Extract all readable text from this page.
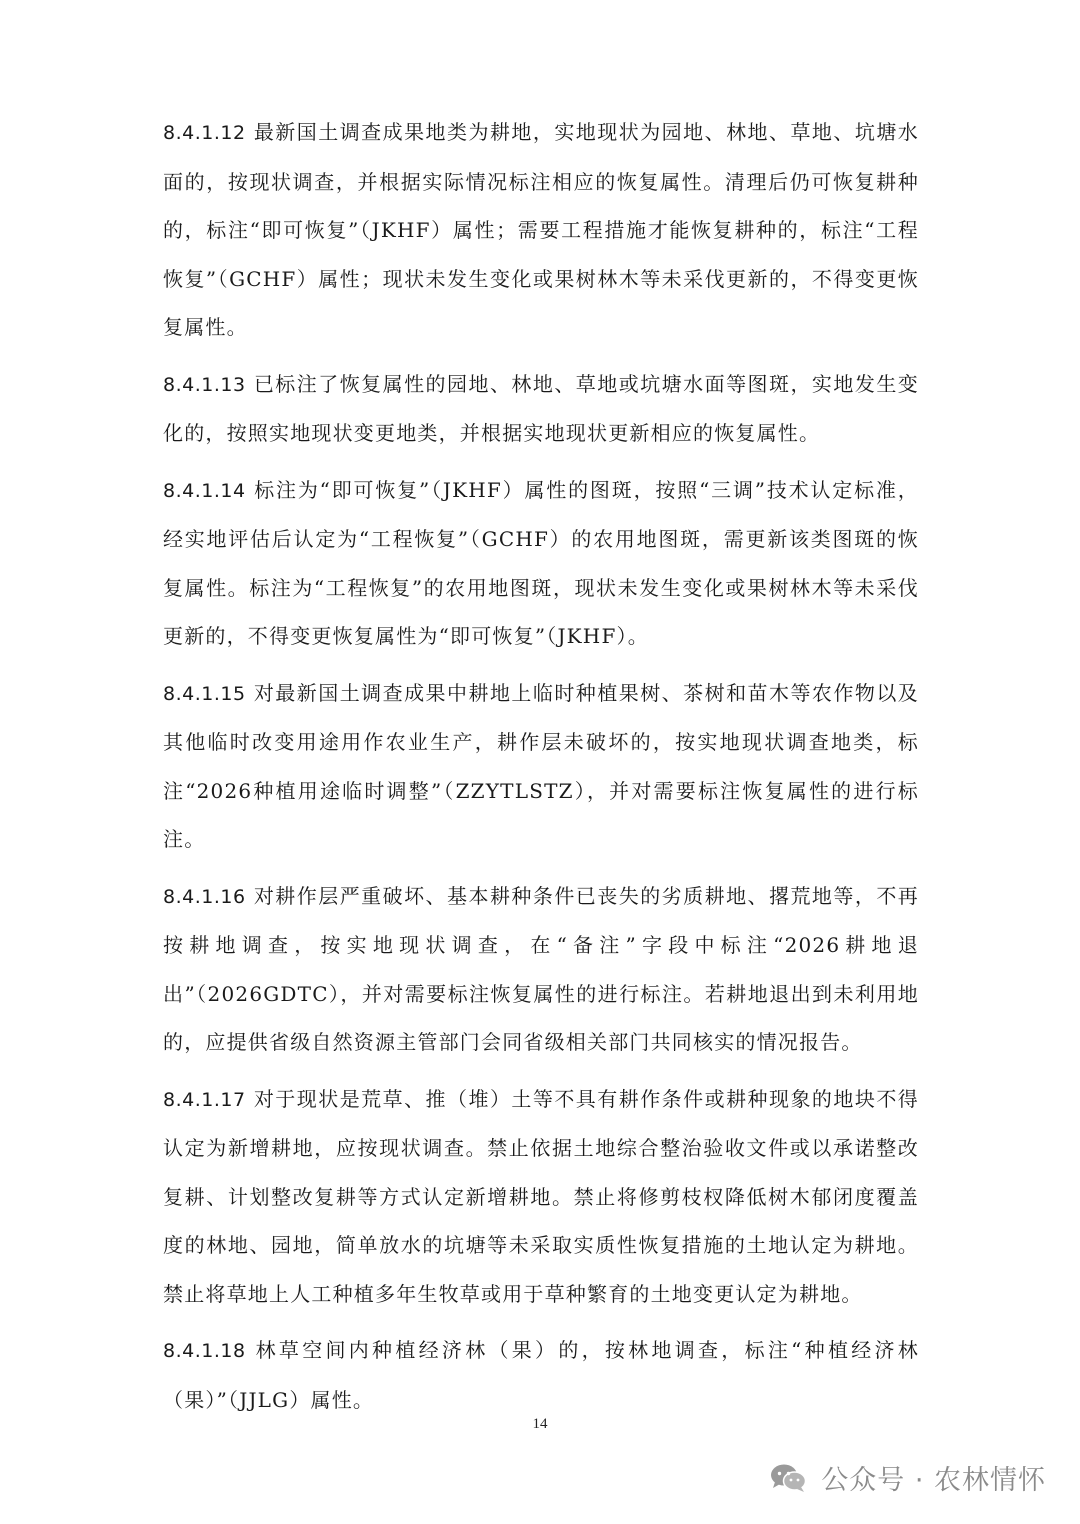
8.4.1.12 最新国土调查成果地类为耕地，实地现状为园地、林地、草地、坑塘水面的，按现状调查，并根据实际情况标注相应的恢复属性。清理后仍可恢复耕种的，标注“即可恢复”（JKHF）属性；需要工程措施才能恢复耕种的，标注“工程恢复”（GCHF）属性；现状未发生变化或果树林木等未采伐更新的，不得变更恢复属性。

8.4.1.13 已标注了恢复属性的园地、林地、草地或坑塘水面等图斑，实地发生变化的，按照实地现状变更地类，并根据实地现状更新相应的恢复属性。

8.4.1.14 标注为“即可恢复”（JKHF）属性的图斑，按照“三调”技术认定标准，经实地评估后认定为“工程恢复”（GCHF）的农用地图斑，需更新该类图斑的恢复属性。标注为“工程恢复”的农用地图斑，现状未发生变化或果树林木等未采伐更新的，不得变更恢复属性为“即可恢复”（JKHF）。

8.4.1.15 对最新国土调查成果中耕地上临时种植果树、茶树和苗木等农作物以及其他临时改变用途用作农业生产，耕作层未破坏的，按实地现状调查地类，标注“2026种植用途临时调整”（ZZYTLSTZ），并对需要标注恢复属性的进行标注。

8.4.1.16 对耕作层严重破坏、基本耕种条件已丧失的劣质耕地、撂荒地等，不再按耕地调查，按实地现状调查，在“备注”字段中标注“2026耕地退出”（2026GDTC），并对需要标注恢复属性的进行标注。若耕地退出到未利用地的，应提供省级自然资源主管部门会同省级相关部门共同核实的情况报告。

8.4.1.17 对于现状是荒草、推（堆）土等不具有耕作条件或耕种现象的地块不得认定为新增耕地，应按现状调查。禁止依据土地综合整治验收文件或以承诺整改复耕、计划整改复耕等方式认定新增耕地。禁止将修剪枝杈降低树木郁闭度覆盖度的林地、园地，简单放水的坑塘等未采取实质性恢复措施的土地认定为耕地。禁止将草地上人工种植多年生牧草或用于草种繁育的土地变更认定为耕地。

8.4.1.18 林草空间内种植经济林（果）的，按林地调查，标注“种植经济林（果）”（JJLG）属性。

14
公众号 · 农林情怀
